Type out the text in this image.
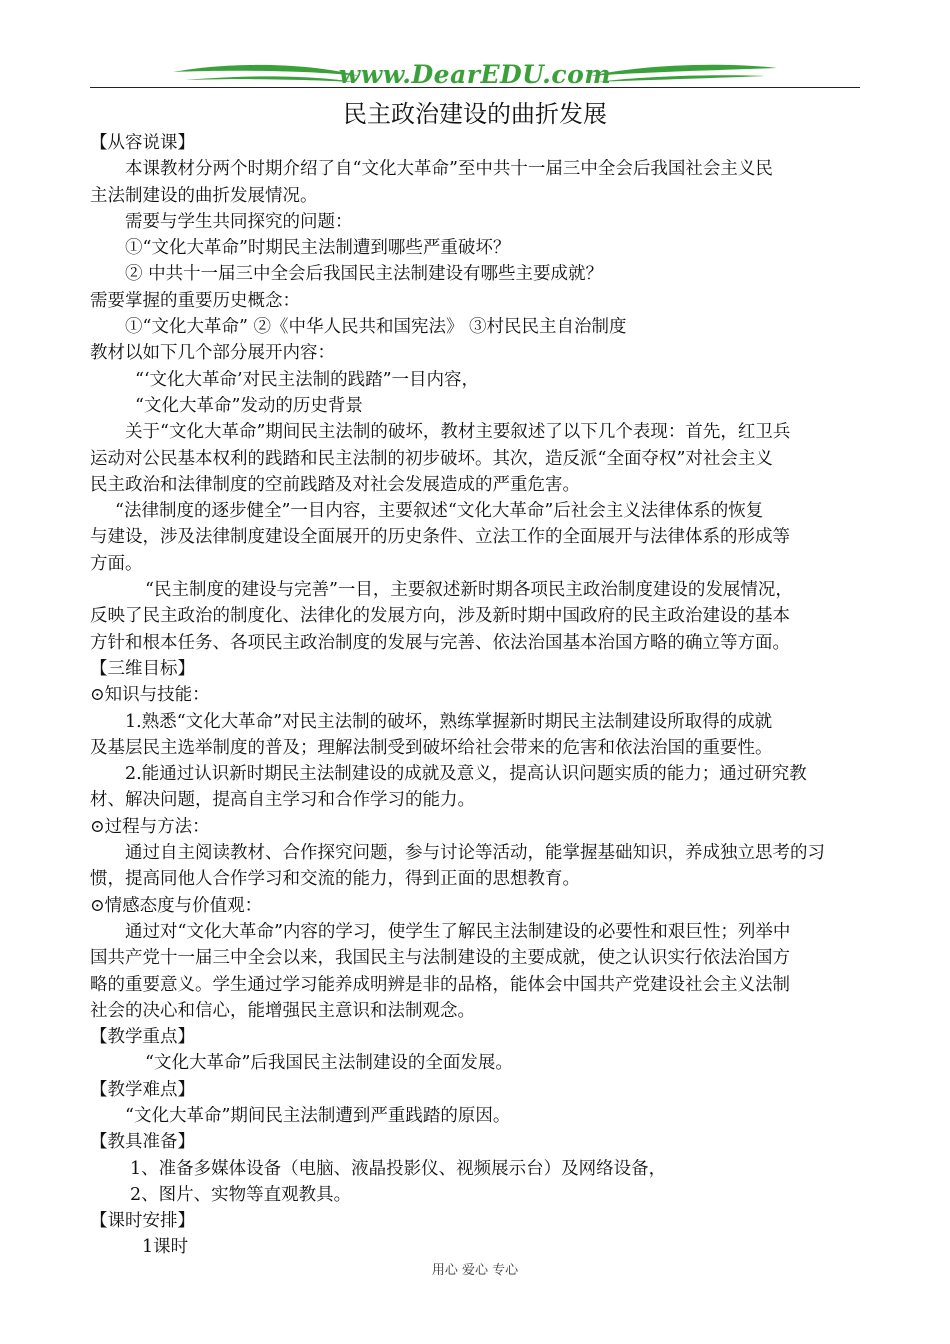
www.DearEDU.com
民主政治建设的曲折发展
【从容说课】
本课教材分两个时期介绍了自“文化大革命”至中共十一届三中全会后我国社会主义民
主法制建设的曲折发展情况。
需要与学生共同探究的问题：
①“文化大革命”时期民主法制遭到哪些严重破坏？
② 中共十一届三中全会后我国民主法制建设有哪些主要成就？
需要掌握的重要历史概念：
①“文化大革命” ②《中华人民共和国宪法》 ③村民民主自治制度
教材以如下几个部分展开内容：
“‘文化大革命’对民主法制的践踏”一目内容，
“文化大革命”发动的历史背景
关于“文化大革命”期间民主法制的破坏，教材主要叙述了以下几个表现：首先，红卫兵
运动对公民基本权利的践踏和民主法制的初步破坏。其次，造反派“全面夺权”对社会主义
民主政治和法律制度的空前践踏及对社会发展造成的严重危害。
“法律制度的逐步健全”一目内容，主要叙述“文化大革命”后社会主义法律体系的恢复
与建设，涉及法律制度建设全面展开的历史条件、立法工作的全面展开与法律体系的形成等
方面。
“民主制度的建设与完善”一目，主要叙述新时期各项民主政治制度建设的发展情况，
反映了民主政治的制度化、法律化的发展方向，涉及新时期中国政府的民主政治建设的基本
方针和根本任务、各项民主政治制度的发展与完善、依法治国基本治国方略的确立等方面。
【三维目标】
⊙知识与技能：
1.熟悉“文化大革命”对民主法制的破坏，熟练掌握新时期民主法制建设所取得的成就
及基层民主选举制度的普及；理解法制受到破坏给社会带来的危害和依法治国的重要性。
2.能通过认识新时期民主法制建设的成就及意义，提高认识问题实质的能力；通过研究教
材、解决问题，提高自主学习和合作学习的能力。
⊙过程与方法：
通过自主阅读教材、合作探究问题，参与讨论等活动，能掌握基础知识，养成独立思考的习
惯，提高同他人合作学习和交流的能力，得到正面的思想教育。
⊙情感态度与价值观：
通过对“文化大革命”内容的学习，使学生了解民主法制建设的必要性和艰巨性；列举中
国共产党十一届三中全会以来，我国民主与法制建设的主要成就，使之认识实行依法治国方
略的重要意义。学生通过学习能养成明辨是非的品格，能体会中国共产党建设社会主义法制
社会的决心和信心，能增强民主意识和法制观念。
【教学重点】
“文化大革命”后我国民主法制建设的全面发展。
【教学难点】
“文化大革命”期间民主法制遭到严重践踏的原因。
【教具准备】
1、准备多媒体设备（电脑、液晶投影仪、视频展示台）及网络设备，
2、图片、实物等直观教具。
【课时安排】
1课时
用心 爱心 专心
